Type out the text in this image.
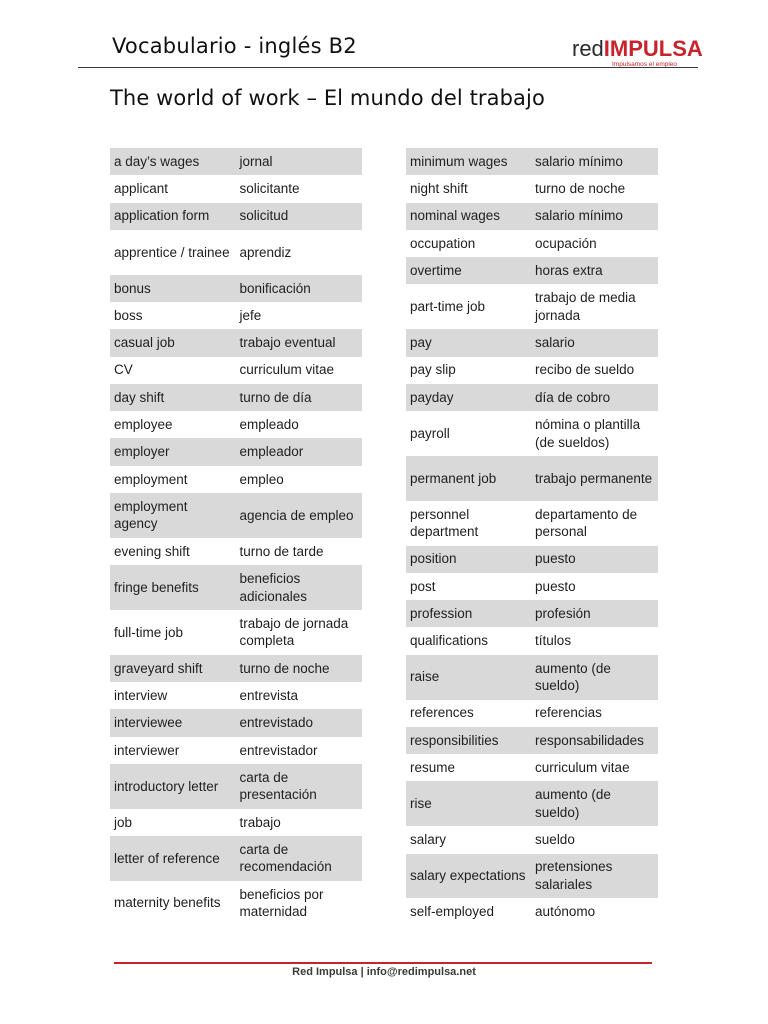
Vocabulario - inglés B2	redIMPULSA
Impulsamos el empleo
The world of work – El mundo del trabajo
a day’s wages	jornal
applicant	solicitante
application form	solicitud
apprentice / trainee	aprendiz
bonus	bonificación
boss	jefe
casual job	trabajo eventual
CV	curriculum vitae
day shift	turno de día
employee	empleado
employer	empleador
employment	empleo
employment agency	agencia de empleo
evening shift	turno de tarde
fringe benefits	beneficios adicionales
full-time job	trabajo de jornada completa
graveyard shift	turno de noche
interview	entrevista
interviewee	entrevistado
interviewer	entrevistador
introductory letter	carta de presentación
job	trabajo
letter of reference	carta de recomendación
maternity benefits	beneficios por maternidad
minimum wages	salario mínimo
night shift	turno de noche
nominal wages	salario mínimo
occupation	ocupación
overtime	horas extra
part-time job	trabajo de media jornada
pay	salario
pay slip	recibo de sueldo
payday	día de cobro
payroll	nómina o plantilla (de sueldos)
permanent job	trabajo permanente
personnel department	departamento de personal
position	puesto
post	puesto
profession	profesión
qualifications	títulos
raise	aumento (de sueldo)
references	referencias
responsibilities	responsabilidades
resume	curriculum vitae
rise	aumento (de sueldo)
salary	sueldo
salary expectations	pretensiones salariales
self-employed	autónomo
Red Impulsa | info@redimpulsa.net
